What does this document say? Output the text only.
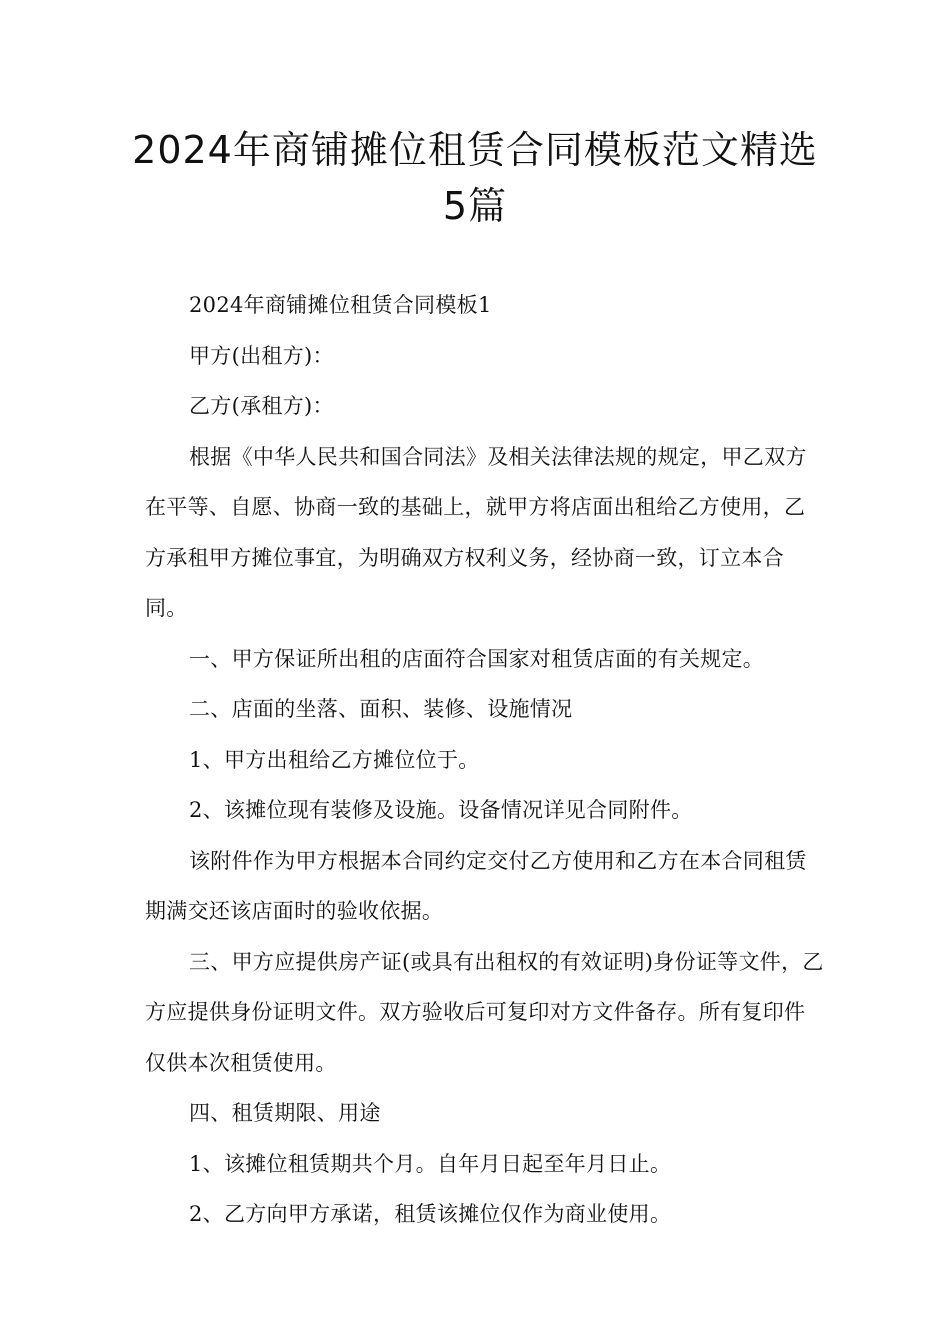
2024年商铺摊位租赁合同模板范文精选
5篇

2024年商铺摊位租赁合同模板1

甲方(出租方)：

乙方(承租方)：

根据《中华人民共和国合同法》及相关法律法规的规定，甲乙双方在平等、自愿、协商一致的基础上，就甲方将店面出租给乙方使用，乙方承租甲方摊位事宜，为明确双方权利义务，经协商一致，订立本合同。

一、甲方保证所出租的店面符合国家对租赁店面的有关规定。

二、店面的坐落、面积、装修、设施情况

1、甲方出租给乙方摊位位于。

2、该摊位现有装修及设施。设备情况详见合同附件。

该附件作为甲方根据本合同约定交付乙方使用和乙方在本合同租赁期满交还该店面时的验收依据。

三、甲方应提供房产证(或具有出租权的有效证明)身份证等文件，乙方应提供身份证明文件。双方验收后可复印对方文件备存。所有复印件仅供本次租赁使用。

四、租赁期限、用途

1、该摊位租赁期共个月。自年月日起至年月日止。

2、乙方向甲方承诺，租赁该摊位仅作为商业使用。
